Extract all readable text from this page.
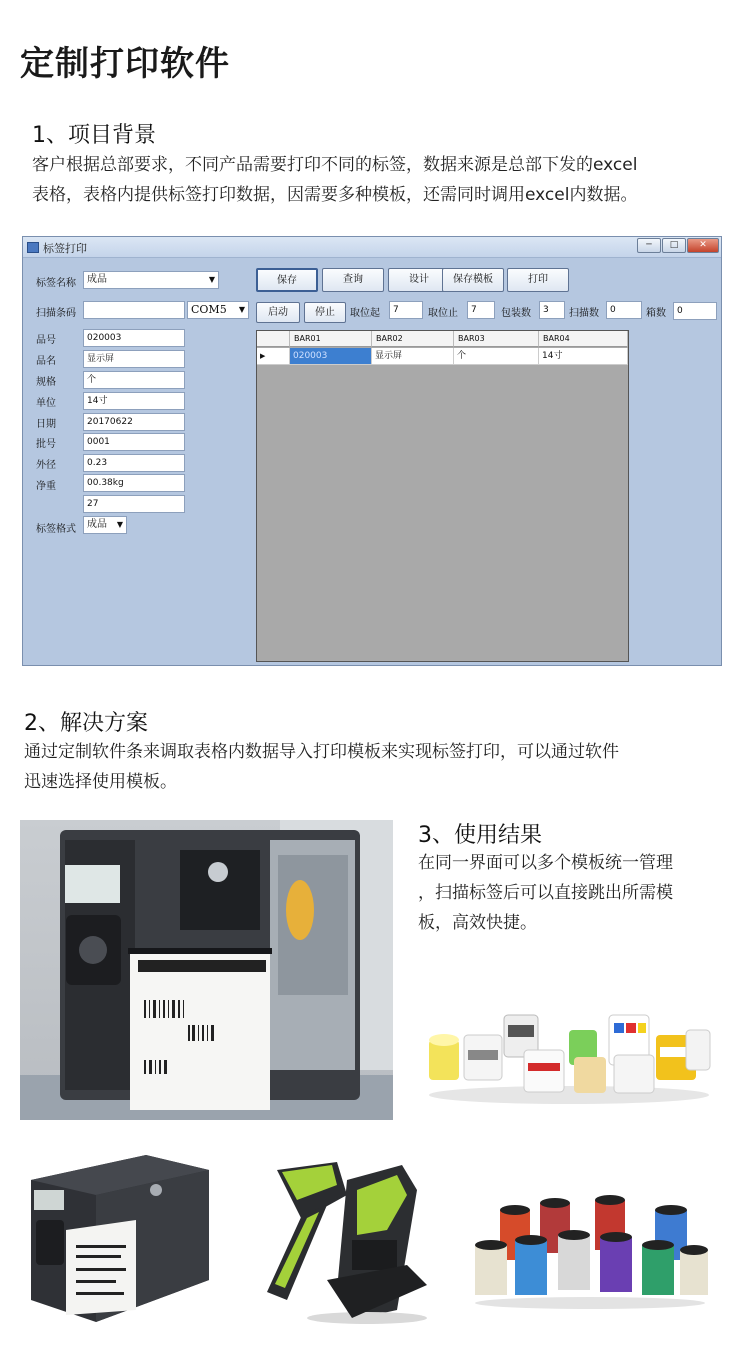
定制打印软件
1、项目背景

客户根据总部要求，不同产品需要打印不同的标签，数据来源是总部下发的excel

表格，表格内提供标签打印数据，因需要多种模板，还需同时调用excel内数据。

标签打印	─	□	✕
标签名称	成品	▼	保存	查询	设计	保存模板	打印
扫描条码	COM5 ▼	启动	停止	取位起	7	取位止	7	包装数	3	扫描数	0	箱数	0
品号	020003
品名	显示屏
规格	个
单位	14寸
日期	20170622
批号	0001
外径	0.23
净重	00.38kg
27
标签格式	成品 ▼
BAR01	BAR02	BAR03	BAR04
▶	020003	显示屏	个	14寸
2、解决方案

通过定制软件条来调取表格内数据导入打印模板来实现标签打印，可以通过软件

迅速选择使用模板。

3、使用结果

在同一界面可以多个模板统一管理

，扫描标签后可以直接跳出所需模

板，高效快捷。
